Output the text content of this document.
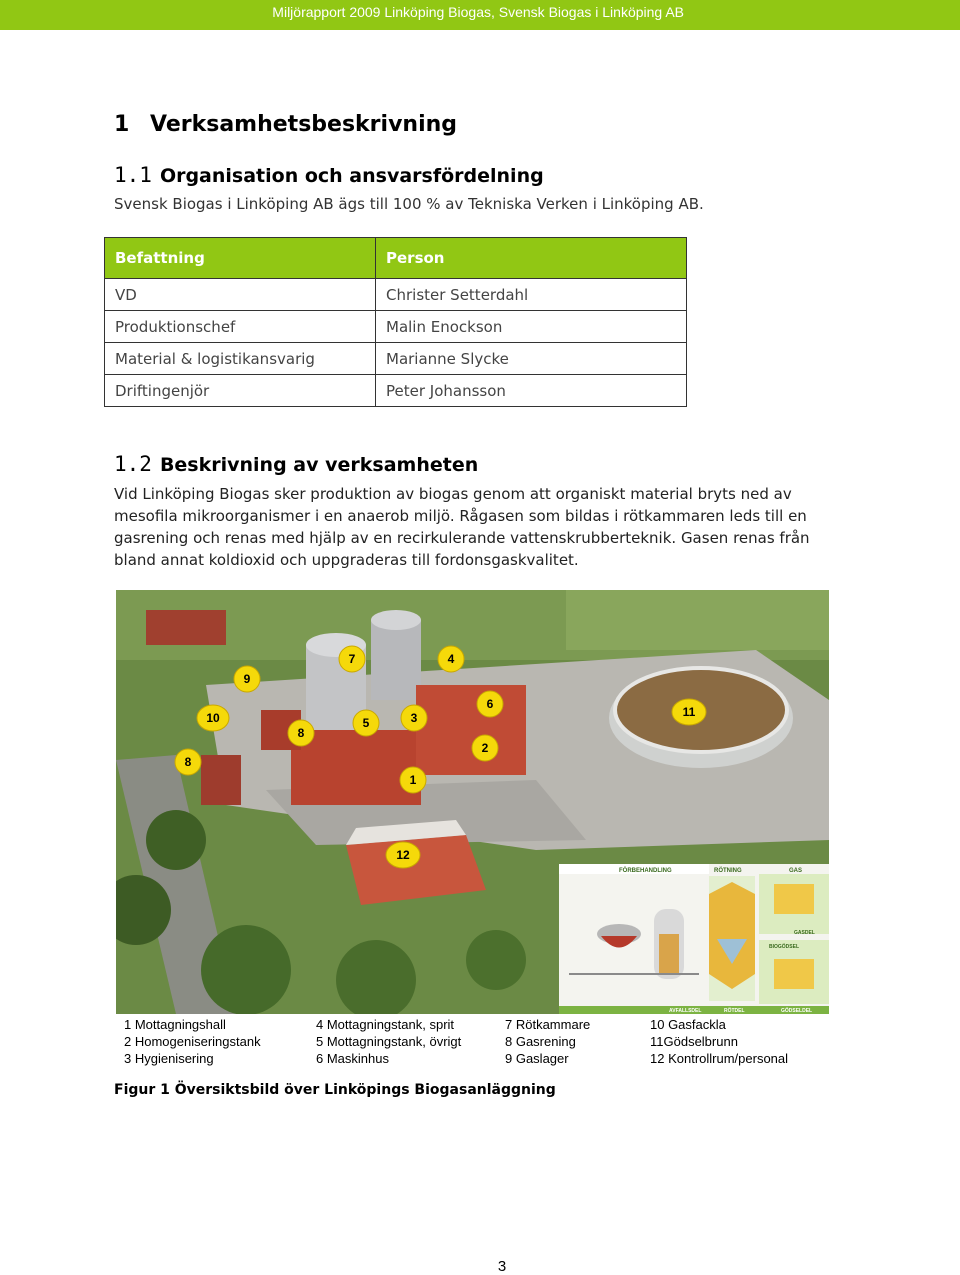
Miljörapport 2009 Linköping Biogas, Svensk Biogas i Linköping AB
1 Verksamhetsbeskrivning
1.1 Organisation och ansvarsfördelning
Svensk Biogas i Linköping AB ägs till 100 % av Tekniska Verken i Linköping AB.
Befattning	Person
VD	Christer Setterdahl
Produktionschef	Malin Enockson
Material & logistikansvarig	Marianne Slycke
Driftingenjör	Peter Johansson
1.2 Beskrivning av verksamheten
Vid Linköping Biogas sker produktion av biogas genom att organiskt material bryts ned av mesofila mikroorganismer i en anaerob miljö. Rågasen som bildas i rötkammaren leds till en gasrening och renas med hjälp av en recirkulerande vattenskrubberteknik. Gasen renas från bland annat koldioxid och uppgraderas till fordonsgaskvalitet.
FÖRBEHANDLING	RÖTNING	GAS
GASDEL
BIOGÖDSEL
AVFALLSDEL	RÖTDEL	GÖDSELDEL
7	4
9
10	5	3
6
11
8
8
2
1
12
1 Mottagningshall
2 Homogeniseringstank
3 Hygienisering
4 Mottagningstank, sprit
5 Mottagningstank, övrigt
6 Maskinhus
7 Rötkammare
8 Gasrening
9 Gaslager
10 Gasfackla
11Gödselbrunn
12 Kontrollrum/personal
Figur 1 Översiktsbild över Linköpings Biogasanläggning
3
